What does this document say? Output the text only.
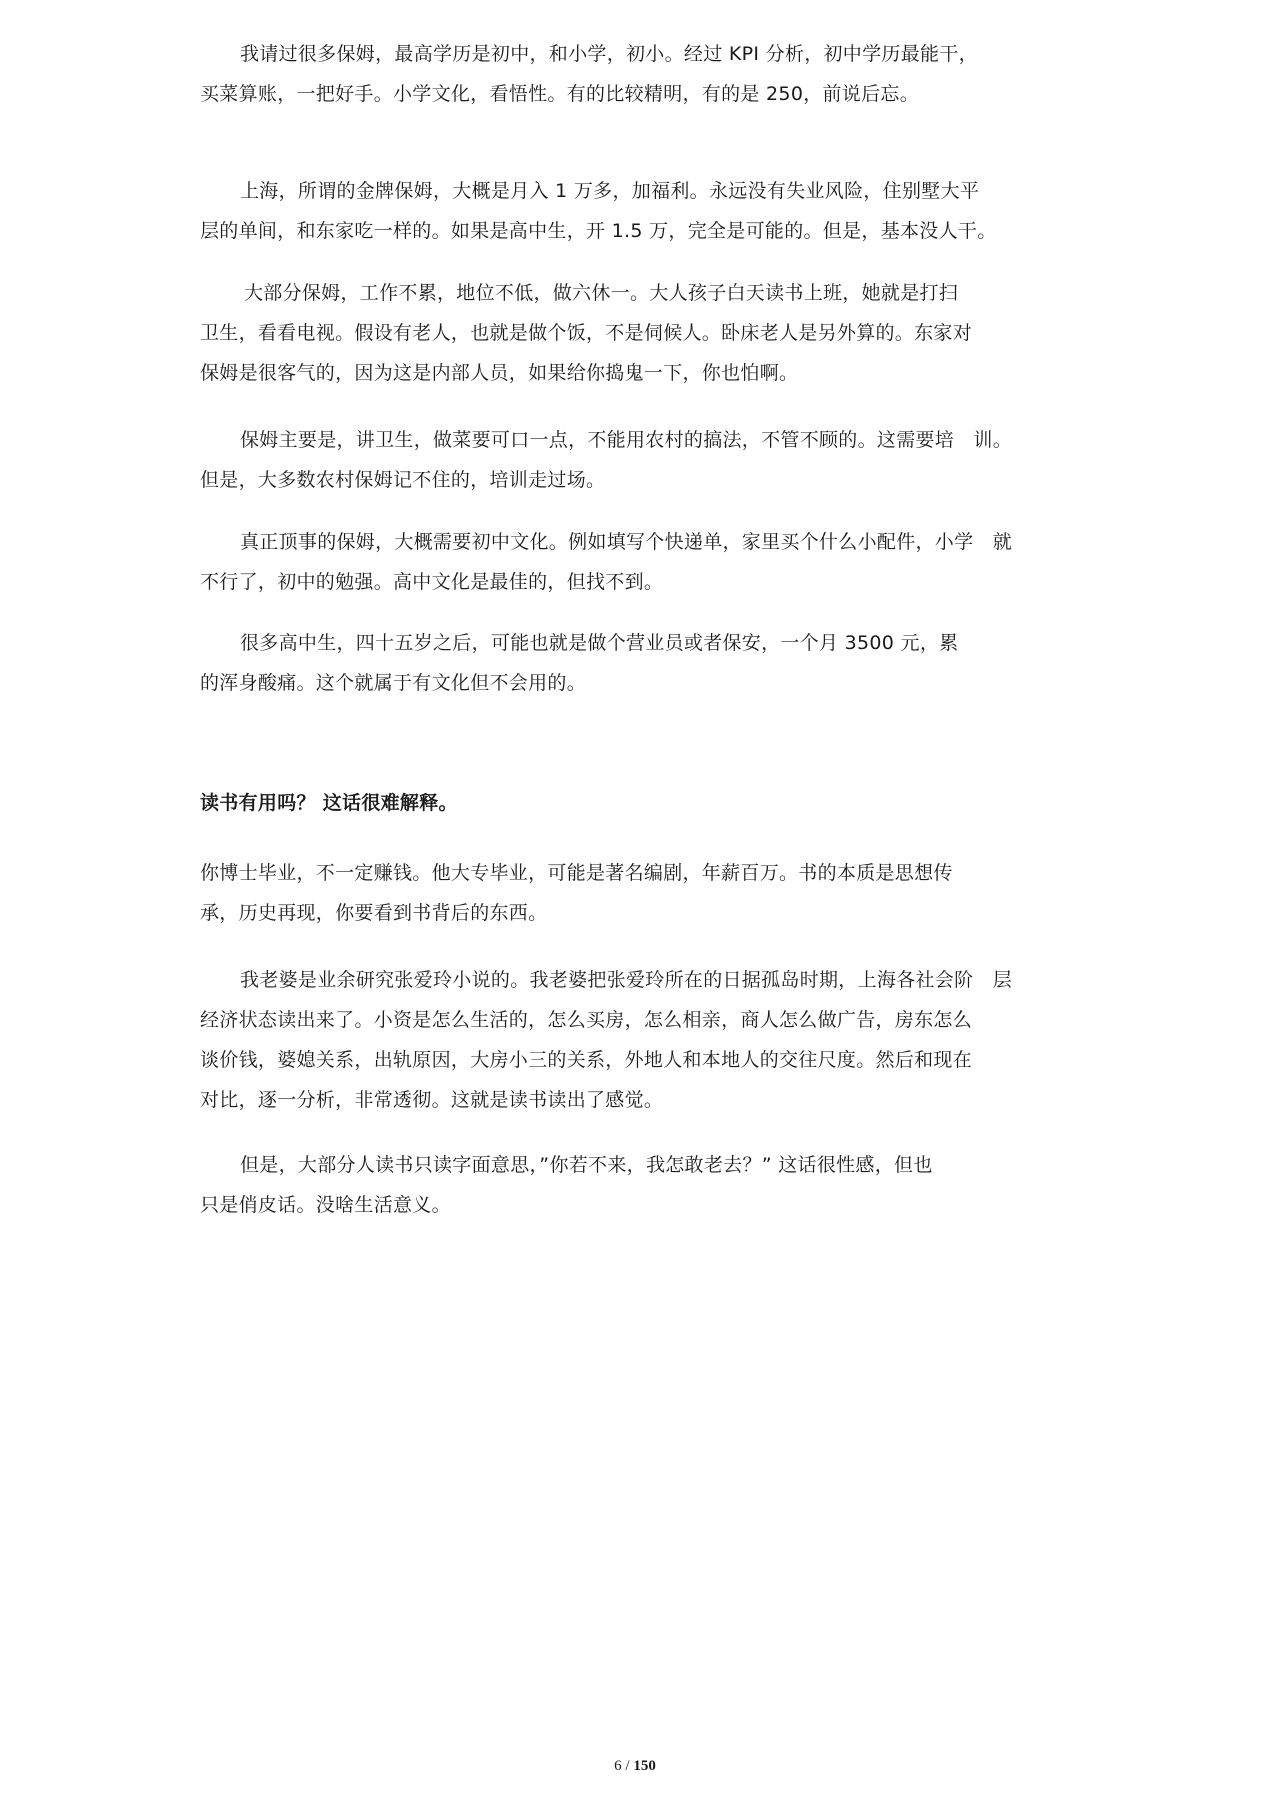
我请过很多保姆，最高学历是初中，和小学，初小。经过 KPI 分析，初中学历最能干，
买菜算账，一把好手。小学文化，看悟性。有的比较精明，有的是 250，前说后忘。

上海，所谓的金牌保姆，大概是月入 1 万多，加福利。永远没有失业风险，住别墅大平
层的单间，和东家吃一样的。如果是高中生，开 1.5 万，完全是可能的。但是，基本没人干。

大部分保姆，工作不累，地位不低，做六休一。大人孩子白天读书上班，她就是打扫
卫生，看看电视。假设有老人，也就是做个饭，不是伺候人。卧床老人是另外算的。东家对
保姆是很客气的，因为这是内部人员，如果给你捣鬼一下，你也怕啊。

保姆主要是，讲卫生，做菜要可口一点，不能用农村的搞法，不管不顾的。这需要培　训。
但是，大多数农村保姆记不住的，培训走过场。

真正顶事的保姆，大概需要初中文化。例如填写个快递单，家里买个什么小配件，小学　就
不行了，初中的勉强。高中文化是最佳的，但找不到。

很多高中生，四十五岁之后，可能也就是做个营业员或者保安，一个月 3500 元，累
的浑身酸痛。这个就属于有文化但不会用的。

读书有用吗？ 这话很难解释。

你博士毕业，不一定赚钱。他大专毕业，可能是著名编剧，年薪百万。书的本质是思想传
承，历史再现，你要看到书背后的东西。

我老婆是业余研究张爱玲小说的。我老婆把张爱玲所在的日据孤岛时期，上海各社会阶　层
经济状态读出来了。小资是怎么生活的，怎么买房，怎么相亲，商人怎么做广告，房东怎么
谈价钱，婆媳关系，出轨原因，大房小三的关系，外地人和本地人的交往尺度。然后和现在
对比，逐一分析，非常透彻。这就是读书读出了感觉。

但是，大部分人读书只读字面意思，”你若不来，我怎敢老去？” 这话很性感，但也
只是俏皮话。没啥生活意义。

6 / 150
